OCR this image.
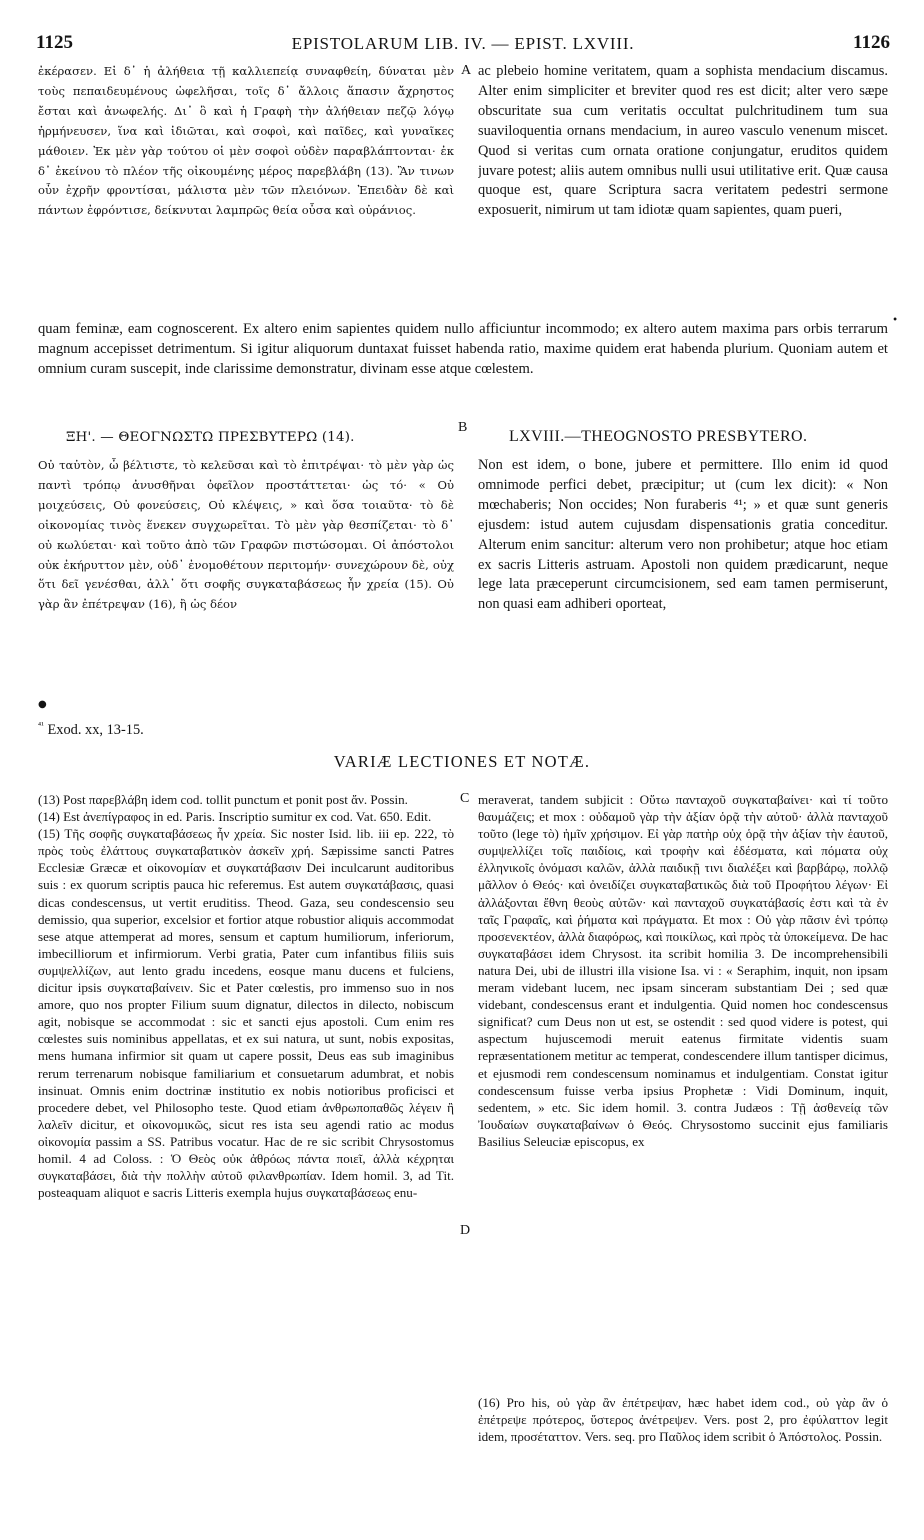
1125	EPISTOLARUM LIB. IV. — EPIST. LXVIII.	1126
ἐκέρασεν. Εἰ δ᾽ ἡ ἀλήθεια τῇ καλλιεπείᾳ συναφθείη, δύναται μὲν τοὺς πεπαιδευμένους ὠφελῆσαι, τοῖς δ᾽ ἄλλοις ἅπασιν ἄχρηστος ἔσται καὶ ἀνωφελής. Δι᾽ ὃ καὶ ἡ Γραφὴ τὴν ἀλήθειαν πεζῷ λόγῳ ἡρμήνευσεν, ἵνα καὶ ἰδιῶται, καὶ σοφοὶ, καὶ παῖδες, καὶ γυναῖκες μάθοιεν. Ἐκ μὲν γὰρ τούτου οἱ μὲν σοφοὶ οὐδὲν παραβλάπτονται· ἐκ δ᾽ ἐκείνου τὸ πλέον τῆς οἰκουμένης μέρος παρεβλάβη (13). Ἂν τινων οὖν ἐχρῆν φροντίσαι, μάλιστα μὲν τῶν πλειόνων. Ἐπειδὰν δὲ καὶ πάντων ἐφρόντισε, δείκνυται λαμπρῶς θεία οὖσα καὶ οὐράνιος.
A ac plebeio homine veritatem, quam a sophista mendacium discamus. Alter enim simpliciter et breviter quod res est dicit; alter vero sæpe obscuritate sua cum veritatis occultat pulchritudinem tum sua suaviloquentia ornans mendacium, in aureo vasculo venenum miscet. Quod si veritas cum ornata oratione conjungatur, eruditos quidem juvare potest; aliis autem omnibus nulli usui utilitative erit. Quæ causa quoque est, quare Scriptura sacra veritatem pedestri sermone exposuerit, nimirum ut tam idiotæ quam sapientes, quam pueri,
•
quam feminæ, eam cognoscerent. Ex altero enim sapientes quidem nullo afficiuntur incommodo; ex altero autem maxima pars orbis terrarum magnum accepisset detrimentum. Si igitur aliquorum duntaxat fuisset habenda ratio, maxime quidem erat habenda plurium. Quoniam autem et omnium curam suscepit, inde clarissime demonstratur, divinam esse atque cœlestem.
ΞΗ'. — ΘΕΟΓΝΩΣΤΩ ΠΡΕΣΒΥΤΕΡΩ (14).
B
LXVIII.—THEOGNOSTO PRESBYTERO.
Οὐ ταὐτὸν, ὦ βέλτιστε, τὸ κελεῦσαι καὶ τὸ ἐπιτρέψαι· τὸ μὲν γὰρ ὡς παντὶ τρόπῳ ἀνυσθῆναι ὀφεῖλον προστάττεται· ὡς τό· « Οὐ μοιχεύσεις, Οὐ φονεύσεις, Οὐ κλέψεις, » καὶ ὅσα τοιαῦτα· τὸ δὲ οἰκονομίας τινὸς ἕνεκεν συγχωρεῖται. Τὸ μὲν γὰρ θεσπίζεται· τὸ δ᾽ οὐ κωλύεται· καὶ τοῦτο ἀπὸ τῶν Γραφῶν πιστώσομαι. Οἱ ἀπόστολοι οὐκ ἐκήρυττον μὲν, οὐδ᾽ ἐνομοθέτουν περιτομήν· συνεχώρουν δὲ, οὐχ ὅτι δεῖ γενέσθαι, ἀλλ᾽ ὅτι σοφῆς συγκαταβάσεως ἦν χρεία (15). Οὐ γὰρ ἂν ἐπέτρεψαν (16), ἢ ὡς δέον
Non est idem, o bone, jubere et permittere. Illo enim id quod omnimode perfici debet, præcipitur; ut (cum lex dicit): « Non mœchaberis; Non occides; Non furaberis ⁴¹; » et quæ sunt generis ejusdem: istud autem cujusdam dispensationis gratia conceditur. Alterum enim sancitur: alterum vero non prohibetur; atque hoc etiam ex sacris Litteris astruam. Apostoli non quidem prædicarunt, neque lege lata præceperunt circumcisionem, sed eam tamen permiserunt, non quasi eam adhiberi oporteat,
●
$^{^{41}}$ Exod. xx, 13-15.
VARIÆ LECTIONES ET NOTÆ.

(13) Post παρεβλάβη idem cod. tollit punctum et ponit post ἄν. Possin.

(14) Est ἀνεπίγραφος in ed. Paris. Inscriptio sumitur ex cod. Vat. 650. Edit.

(15) Τῆς σοφῆς συγκαταβάσεως ἦν χρεία. Sic noster Isid. lib. iii ep. 222, τὸ πρὸς τοὺς ἐλάττους συγκαταβατικὸν ἀσκεῖν χρή. Sæpissime sancti Patres Ecclesiæ Græcæ et οἰκονομίαν et συγκατάβασιν Dei inculcarunt auditoribus suis : ex quorum scriptis pauca hic referemus. Est autem συγκατάβασις, quasi dicas condescensus, ut vertit eruditiss. Theod. Gaza, seu condescensio seu demissio, qua superior, excelsior et fortior atque robustior aliquis accommodat sese atque attemperat ad mores, sensum et captum humiliorum, inferiorum, imbecilliorum et infirmiorum. Verbi gratia, Pater cum infantibus filiis suis συμψελλίζων, aut lento gradu incedens, eosque manu ducens et fulciens, dicitur ipsis συγκαταβαίνειν. Sic et Pater cœlestis, pro immenso suo in nos amore, quo nos propter Filium suum dignatur, dilectos in dilecto, nobiscum agit, nobisque se accommodat : sic et sancti ejus apostoli. Cum enim res cœlestes suis nominibus appellatas, et ex sui natura, ut sunt, nobis expositas, mens humana infirmior sit quam ut capere possit, Deus eas sub imaginibus rerum terrenarum nobisque familiarium et consuetarum adumbrat, et nobis insinuat. Omnis enim doctrinæ institutio ex nobis notioribus proficisci et procedere debet, vel Philosopho teste. Quod etiam ἀνθρωποπαθῶς λέγειν ἢ λαλεῖν dicitur, et οἰκονομικῶς, sicut res ista seu agendi ratio ac modus οἰκονομία passim a SS. Patribus vocatur. Hac de re sic scribit Chrysostomus homil. 4 ad Coloss. : Ὁ Θεὸς οὐκ ἀθρόως πάντα ποιεῖ, ἀλλὰ κέχρηται συγκαταβάσει, διὰ τὴν πολλὴν αὐτοῦ φιλανθρωπίαν. Idem homil. 3, ad Tit. posteaquam aliquot e sacris Litteris exempla hujus συγκαταβάσεως enu-

C
D

meraverat, tandem subjicit : Οὕτω πανταχοῦ συγκαταβαίνει· καὶ τί τοῦτο θαυμάζεις; et mox : οὐδαμοῦ γὰρ τὴν ἀξίαν ὁρᾷ τὴν αὐτοῦ· ἀλλὰ πανταχοῦ τοῦτο (lege τὸ) ἡμῖν χρήσιμον. Εἰ γὰρ πατὴρ οὐχ ὁρᾷ τὴν ἀξίαν τὴν ἑαυτοῦ, συμψελλίζει τοῖς παιδίοις, καὶ τροφὴν καὶ ἐδέσματα, καὶ πόματα οὐχ ἑλληνικοῖς ὀνόμασι καλῶν, ἀλλὰ παιδικῇ τινι διαλέξει καὶ βαρβάρῳ, πολλῷ μᾶλλον ὁ Θεός· καὶ ὀνειδίζει συγκαταβατικῶς διὰ τοῦ Προφήτου λέγων· Εἰ ἀλλάξονται ἔθνη θεοὺς αὐτῶν· καὶ πανταχοῦ συγκατάβασίς ἐστι καὶ τὰ ἐν ταῖς Γραφαῖς, καὶ ῥήματα καὶ πράγματα. Et mox : Οὐ γὰρ πᾶσιν ἑνὶ τρόπῳ προσενεκτέον, ἀλλὰ διαφόρως, καὶ ποικίλως, καὶ πρὸς τὰ ὑποκείμενα. De hac συγκαταβάσει idem Chrysost. ita scribit homilia 3. De incomprehensibili natura Dei, ubi de illustri illa visione Isa. vi : « Seraphim, inquit, non ipsam meram videbant lucem, nec ipsam sinceram substantiam Dei ; sed quæ videbant, condescensus erant et indulgentia. Quid nomen hoc condescensus significat? cum Deus non ut est, se ostendit : sed quod videre is potest, qui aspectum hujuscemodi meruit eatenus firmitate videntis suam repræsentationem metitur ac temperat, condescendere illum tantisper dicimus, et ejusmodi rem condescensum nominamus et indulgentiam. Constat igitur condescensum fuisse verba ipsius Prophetæ : Vidi Dominum, inquit, sedentem, » etc. Sic idem homil. 3. contra Judæos : Τῇ ἀσθενείᾳ τῶν Ἰουδαίων συγκαταβαίνων ὁ Θεός. Chrysostomo succinit ejus familiaris Basilius Seleuciæ episcopus, ex

(16) Pro his, οὐ γὰρ ἂν ἐπέτρεψαν, hæc habet idem cod., οὐ γὰρ ἂν ὁ ἐπέτρεψε πρότερος, ὕστερος ἀνέτρεψεν. Vers. post 2, pro ἐφύλαττον legit idem, προσέταττον. Vers. seq. pro Παῦλος idem scribit ὁ Ἀπόστολος. Possin.
